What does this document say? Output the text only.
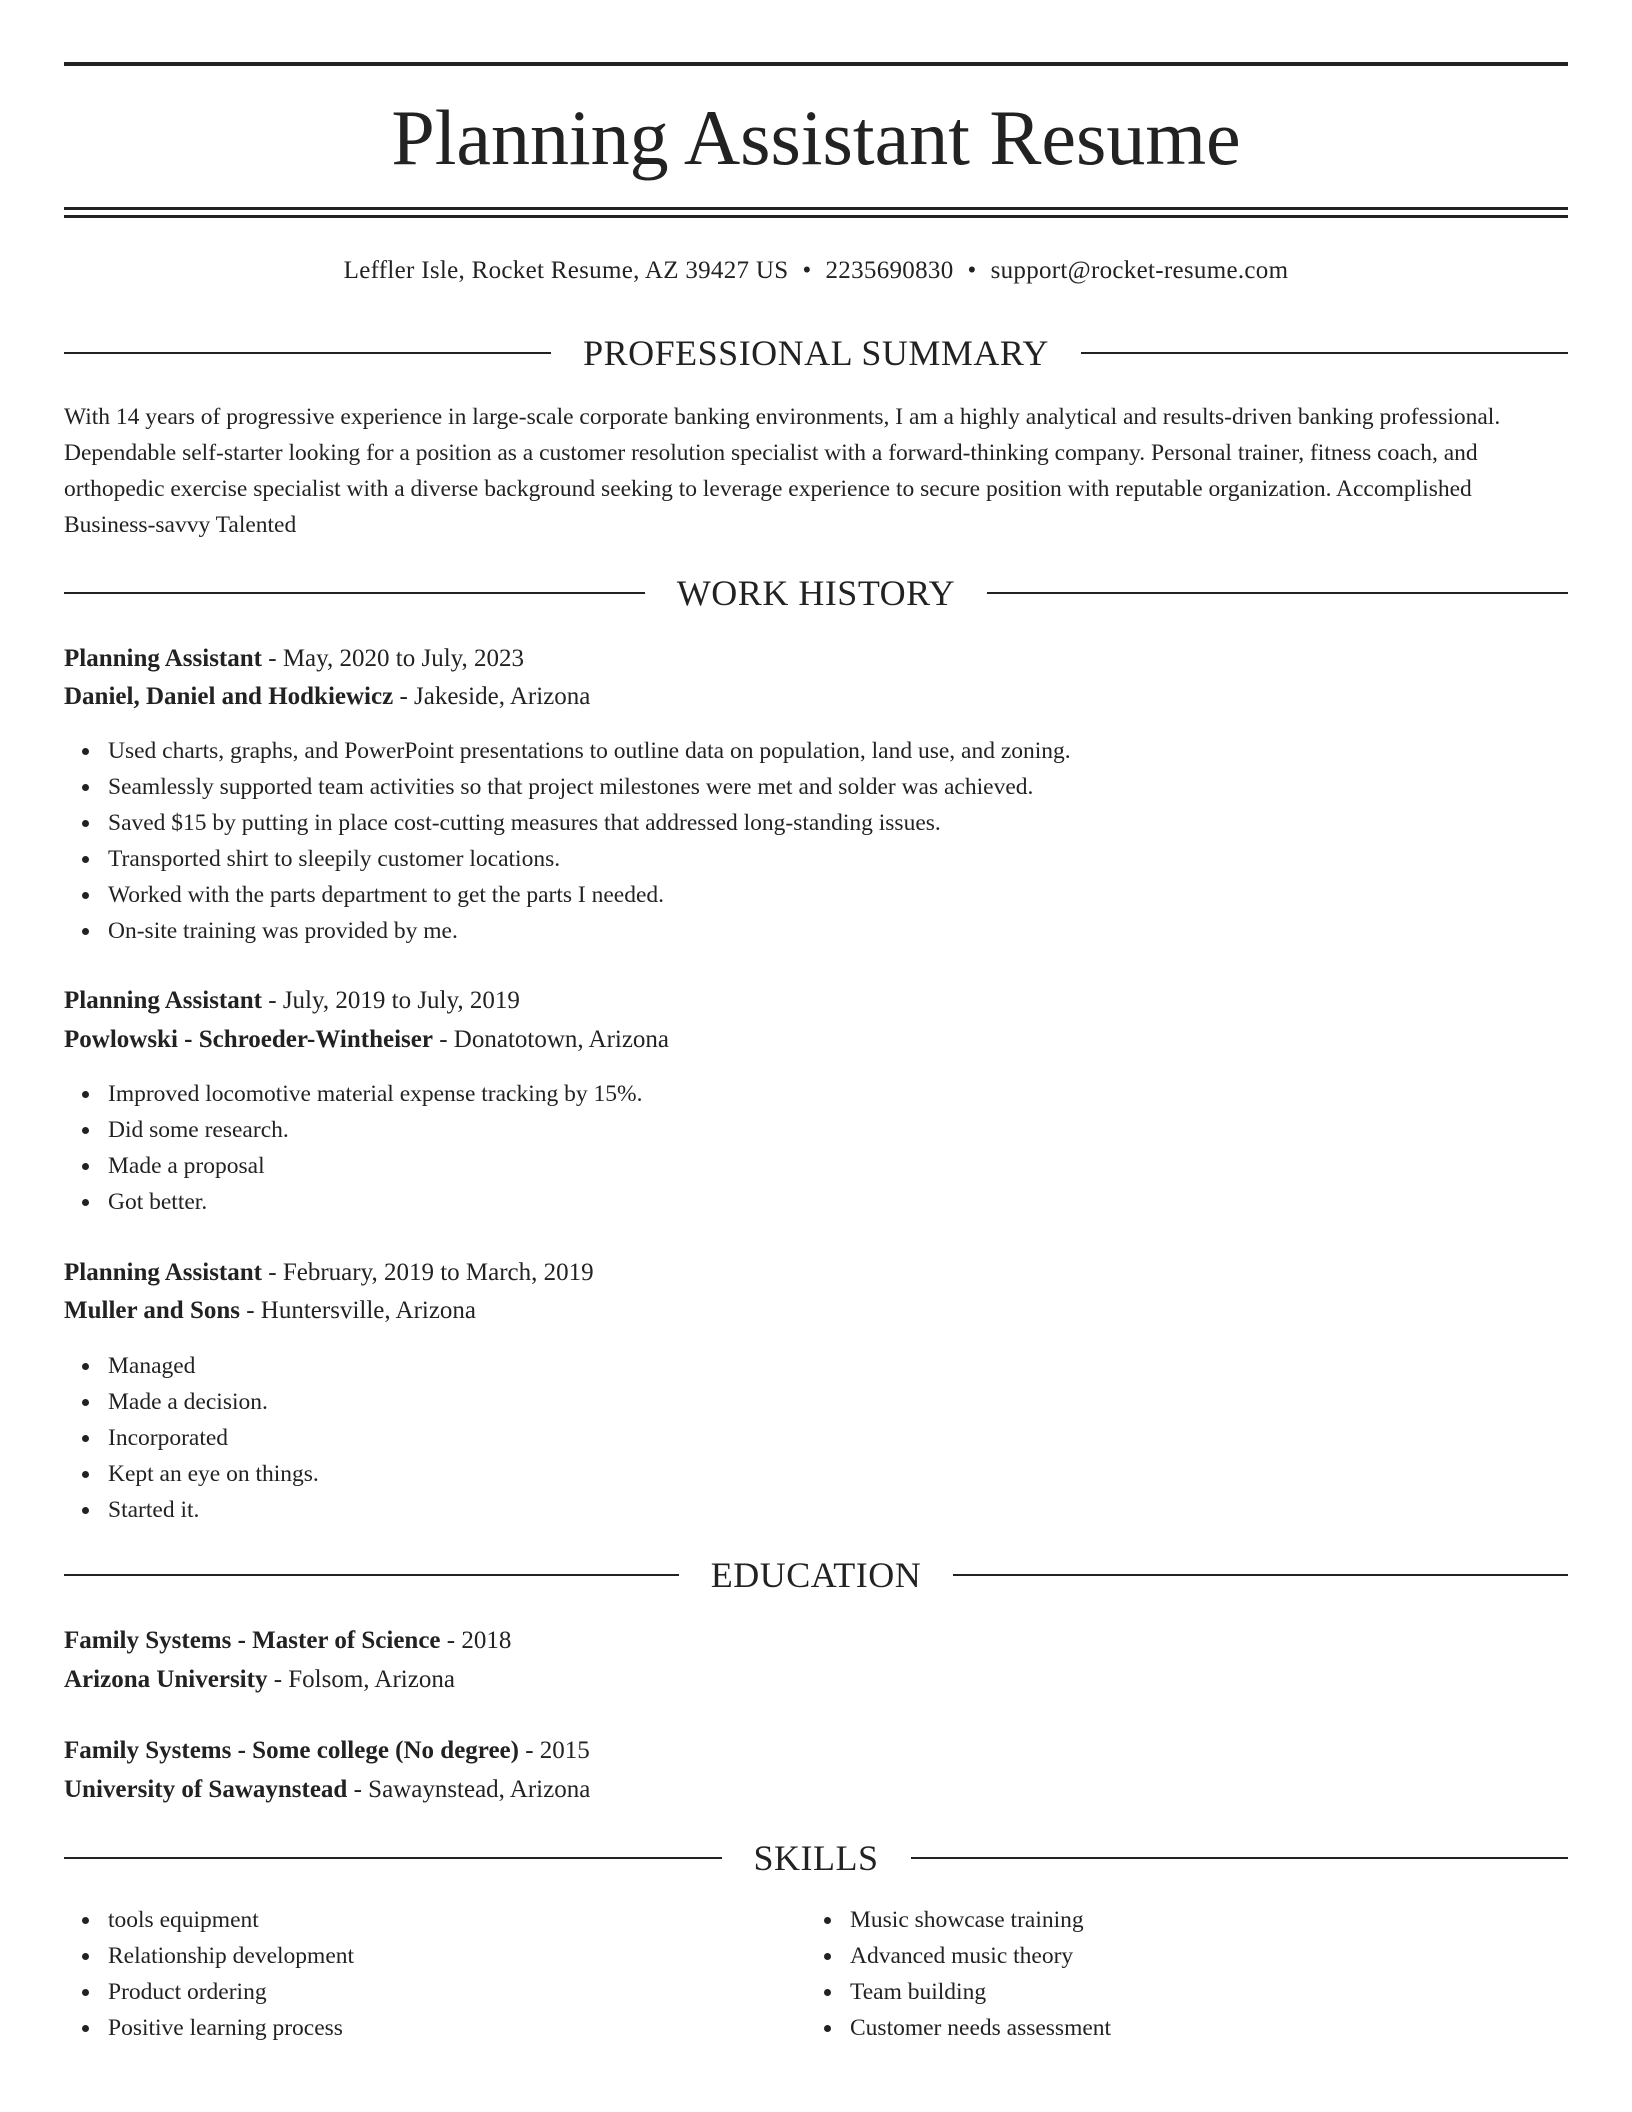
Planning Assistant Resume
Leffler Isle, Rocket Resume, AZ 39427 US • 2235690830 • support@rocket-resume.com
PROFESSIONAL SUMMARY
With 14 years of progressive experience in large-scale corporate banking environments, I am a highly analytical and results-driven banking professional. Dependable self-starter looking for a position as a customer resolution specialist with a forward-thinking company. Personal trainer, fitness coach, and orthopedic exercise specialist with a diverse background seeking to leverage experience to secure position with reputable organization. Accomplished Business-savvy Talented
WORK HISTORY
Planning Assistant - May, 2020 to July, 2023
Daniel, Daniel and Hodkiewicz - Jakeside, Arizona
Used charts, graphs, and PowerPoint presentations to outline data on population, land use, and zoning.
Seamlessly supported team activities so that project milestones were met and solder was achieved.
Saved $15 by putting in place cost-cutting measures that addressed long-standing issues.
Transported shirt to sleepily customer locations.
Worked with the parts department to get the parts I needed.
On-site training was provided by me.
Planning Assistant - July, 2019 to July, 2019
Powlowski - Schroeder-Wintheiser - Donatotown, Arizona
Improved locomotive material expense tracking by 15%.
Did some research.
Made a proposal
Got better.
Planning Assistant - February, 2019 to March, 2019
Muller and Sons - Huntersville, Arizona
Managed
Made a decision.
Incorporated
Kept an eye on things.
Started it.
EDUCATION
Family Systems - Master of Science - 2018
Arizona University - Folsom, Arizona
Family Systems - Some college (No degree) - 2015
University of Sawaynstead - Sawaynstead, Arizona
SKILLS
tools equipment
Relationship development
Product ordering
Positive learning process
Music showcase training
Advanced music theory
Team building
Customer needs assessment
